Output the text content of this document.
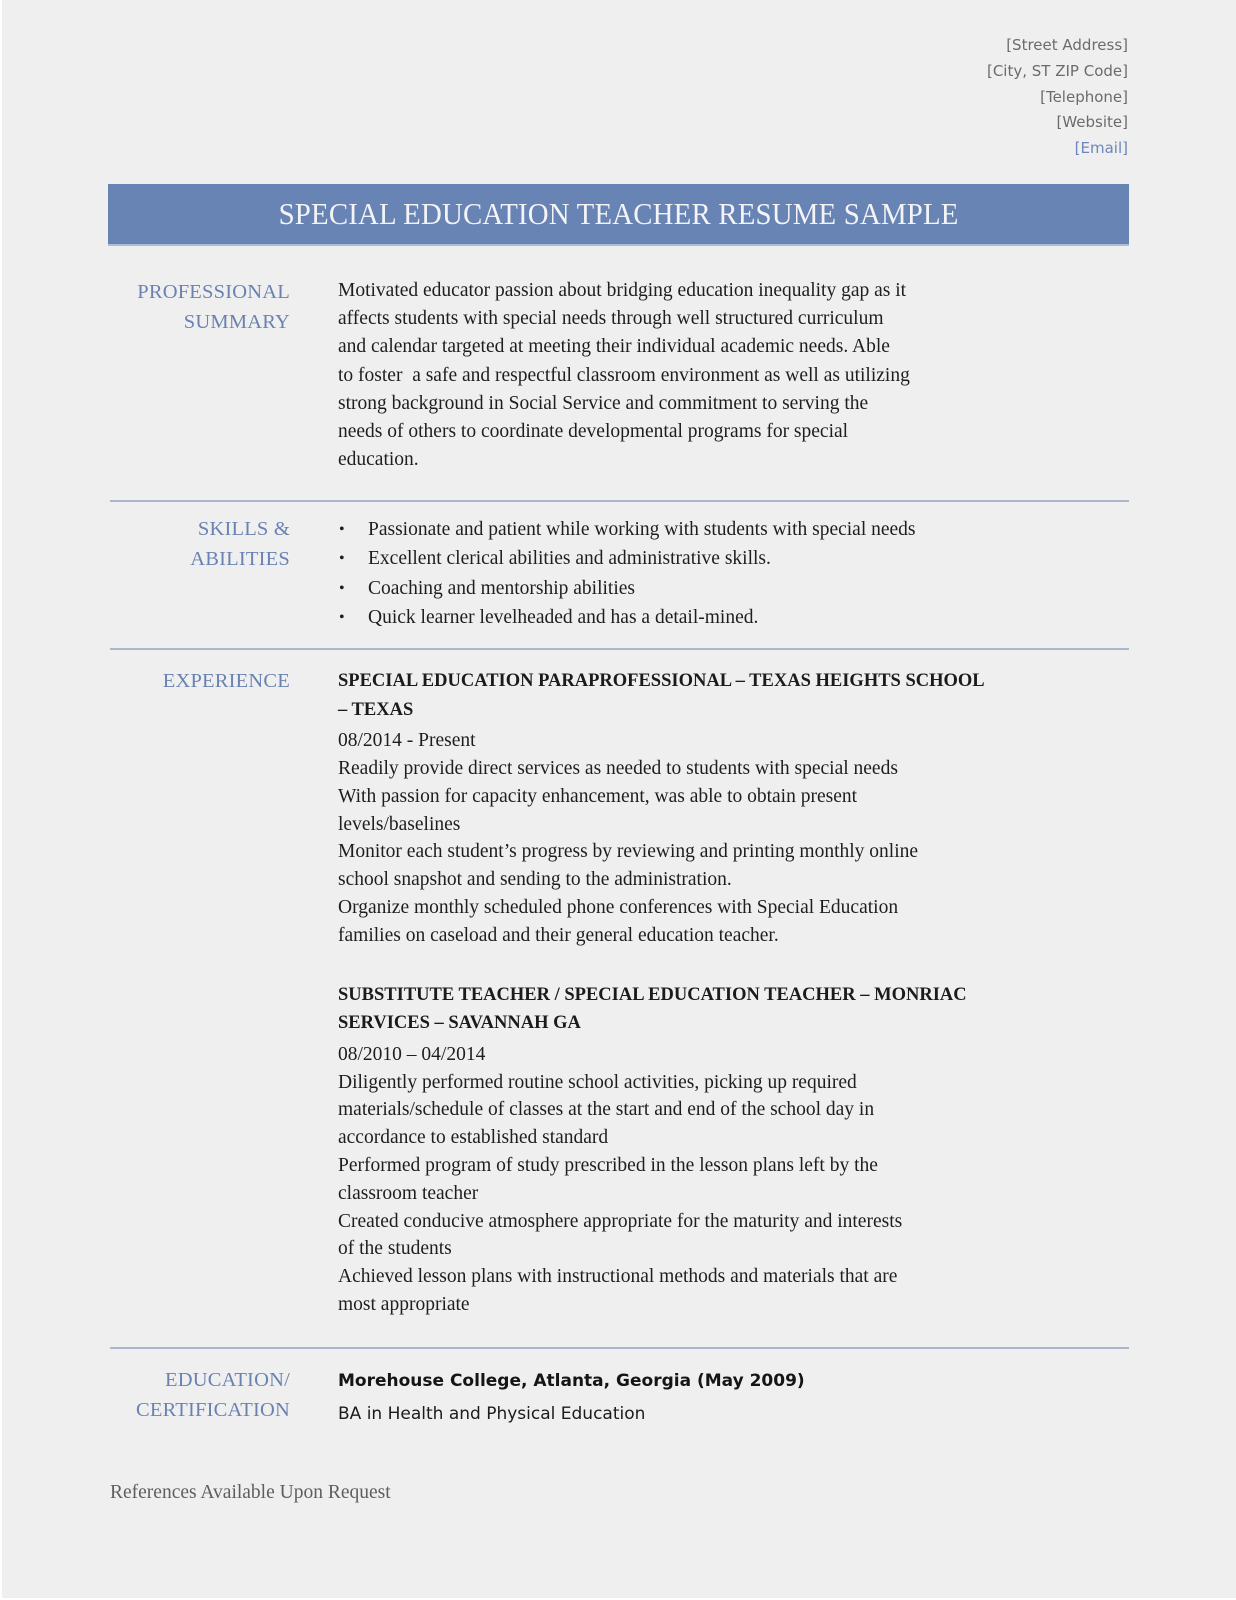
[Street Address]
[City, ST ZIP Code]
[Telephone]
[Website]
[Email]
SPECIAL EDUCATION TEACHER RESUME SAMPLE
PROFESSIONAL
SUMMARY
Motivated educator passion about bridging education inequality gap as it
affects students with special needs through well structured curriculum
and calendar targeted at meeting their individual academic needs. Able
to foster  a safe and respectful classroom environment as well as utilizing
strong background in Social Service and commitment to serving the
needs of others to coordinate developmental programs for special
education.
SKILLS &
ABILITIES
• Passionate and patient while working with students with special needs
• Excellent clerical abilities and administrative skills.
• Coaching and mentorship abilities
• Quick learner levelheaded and has a detail-mined.
EXPERIENCE	SPECIAL EDUCATION PARAPROFESSIONAL – TEXAS HEIGHTS SCHOOL
– TEXAS
08/2014 - Present
Readily provide direct services as needed to students with special needs
With passion for capacity enhancement, was able to obtain present
levels/baselines
Monitor each student’s progress by reviewing and printing monthly online
school snapshot and sending to the administration.
Organize monthly scheduled phone conferences with Special Education
families on caseload and their general education teacher.
SUBSTITUTE TEACHER / SPECIAL EDUCATION TEACHER – MONRIAC
SERVICES – SAVANNAH GA
08/2010 – 04/2014
Diligently performed routine school activities, picking up required
materials/schedule of classes at the start and end of the school day in
accordance to established standard
Performed program of study prescribed in the lesson plans left by the
classroom teacher
Created conducive atmosphere appropriate for the maturity and interests
of the students
Achieved lesson plans with instructional methods and materials that are
most appropriate
EDUCATION/
CERTIFICATION
Morehouse College, Atlanta, Georgia (May 2009)
BA in Health and Physical Education
References Available Upon Request
